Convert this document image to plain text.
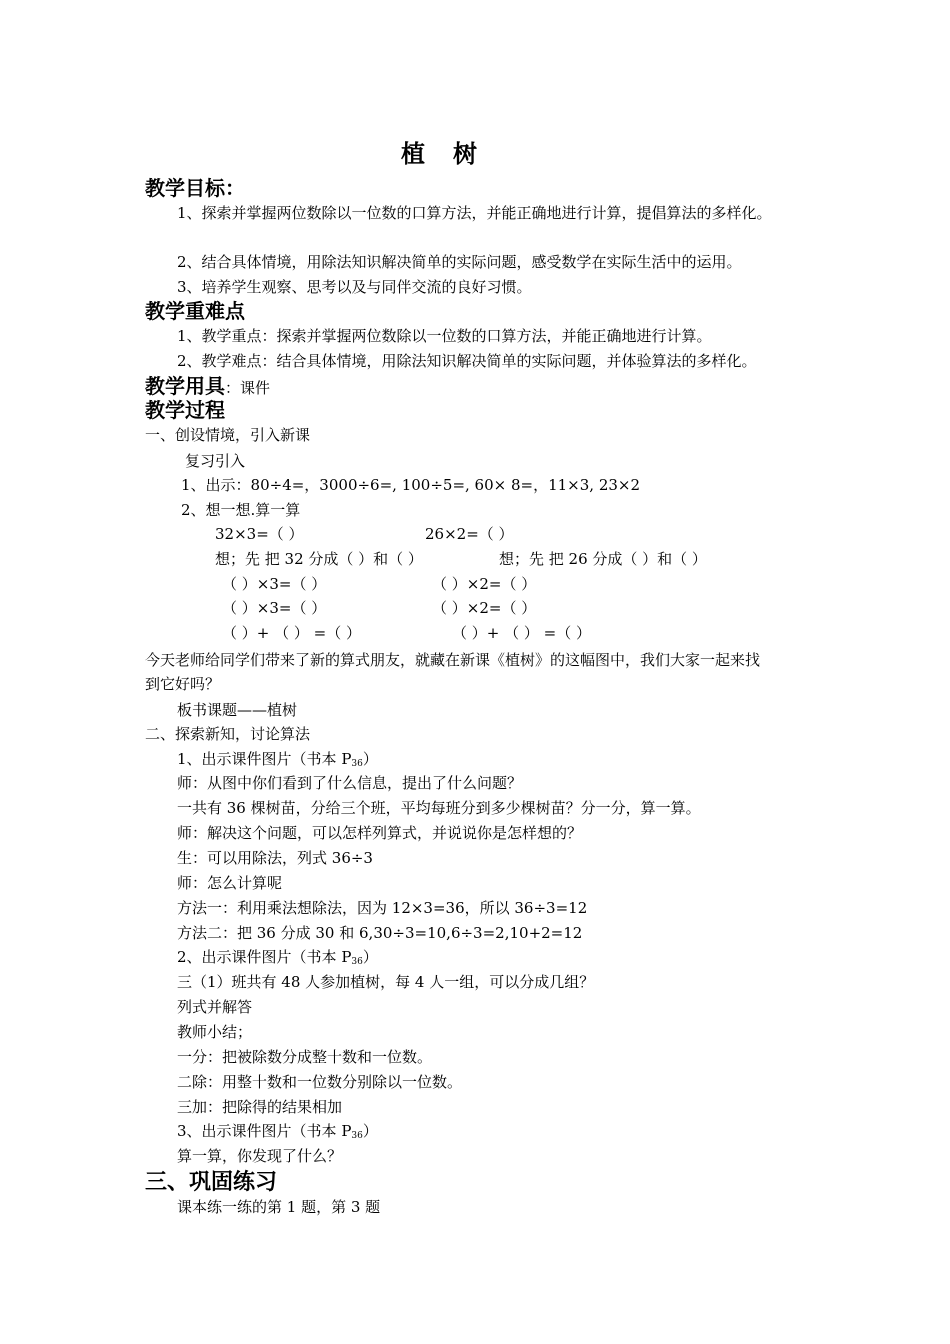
植　树
教学目标：
1、探索并掌握两位数除以一位数的口算方法，并能正确地进行计算，提倡算法的多样化。
2、结合具体情境，用除法知识解决简单的实际问题，感受数学在实际生活中的运用。
3、培养学生观察、思考以及与同伴交流的良好习惯。
教学重难点
1、教学重点：探索并掌握两位数除以一位数的口算方法，并能正确地进行计算。
2、教学难点：结合具体情境，用除法知识解决简单的实际问题，并体验算法的多样化。
教学用具：课件
教学过程
一、创设情境，引入新课
复习引入
1、出示：80÷4=，3000÷6=, 100÷5=, 60× 8=，11×3, 23×2
2、想一想.算一算
32×3=（ ）
想；先 把 32 分成（ ）和（ ）
（ ）×3=（ ）
（ ）×3=（ ）
（ ）+ （ ） =（ ）
26×2=（ ）
想；先 把 26 分成（ ）和（ ）
（ ）×2=（ ）
（ ）×2=（ ）
（ ）+ （ ） =（ ）
今天老师给同学们带来了新的算式朋友，就藏在新课《植树》的这幅图中，我们大家一起来找
到它好吗？
板书课题——植树
二、探索新知，讨论算法
1、出示课件图片（书本 $P_{36}$）
师：从图中你们看到了什么信息，提出了什么问题？
一共有 36 棵树苗，分给三个班，平均每班分到多少棵树苗？分一分，算一算。
师：解决这个问题，可以怎样列算式，并说说你是怎样想的？
生：可以用除法，列式 36÷3
师：怎么计算呢
方法一：利用乘法想除法，因为 12×3=36，所以 36÷3=12
方法二：把 36 分成 30 和 6,30÷3=10,6÷3=2,10+2=12
2、出示课件图片（书本 $P_{36}$）
三（1）班共有 48 人参加植树，每 4 人一组，可以分成几组？
列式并解答
教师小结；
一分：把被除数分成整十数和一位数。
二除：用整十数和一位数分别除以一位数。
三加：把除得的结果相加
3、出示课件图片（书本 $P_{36}$）
算一算，你发现了什么？
三、巩固练习
课本练一练的第 1 题，第 3 题
